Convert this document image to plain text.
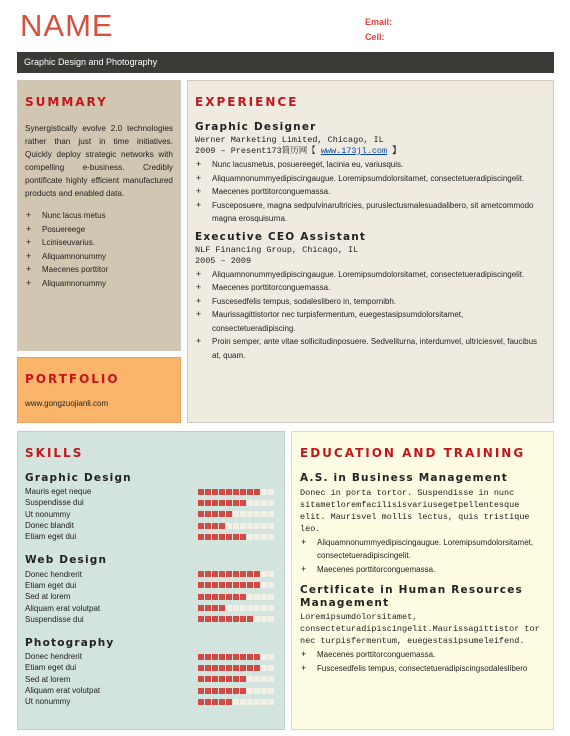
NAME	Email:
Cell:
Graphic Design and Photography
SUMMARY
Synergistically evolve 2.0 technologies rather than just in time initiatives. Quickly deploy strategic networks with compelling e-business. Credibly pontificate highly efficient manufactured products and enabled data.
+ Nunc lacus metus
+ Posuereege
+ Lciniseuvarius.
+ Aliquamnonummy
+ Maecenes porttitor
+ Aliquamnonummy
PORTFOLIO
www.gongzuojianli.com
EXPERIENCE
Graphic Designer
Werner Marketing Limited, Chicago, IL
2009 – Present173简历网【 www.173jl.com 】
+ Nunc lacusmetus, posuereeget, lacinia eu, variusquis.
+ Aliquamnonummyedipiscingaugue. Loremipsumdolorsitamet, consectetueradipiscingelit.
+ Maecenes porttitorconguemassa.
+ Fusceposuere, magna sedpulvinarultricies, puruslectusmalesuadalibero, sit ametcommodo magna erosquisurna.
Executive CEO Assistant
NLF Financing Group, Chicago, IL
2005 – 2009
+ Aliquamnonummyedipiscingaugue. Loremipsumdolorsitamet, consectetueradipiscingelit.
+ Maecenes porttitorconguemassa.
+ Fuscesedfelis tempus, sodaleslibero in, tempornibh.
+ Maurissagittistortor nec turpisfermentum, euegestasipsumdolorsitamet, consectetueradipiscing.
+ Proin semper, ante vitae sollicitudinposuere. Sedveliturna, interdumvel, ultriciesvel, faucibus at, quam.
SKILLS
Graphic Design
Mauris eget neque
Suspendisse dui
Ut nonummy
Donec blandit
Etiam eget dui
Web Design
Donec hendrerit
Etiam eget dui
Sed at lorem
Aliquam erat volutpat
Suspendisse dui
Photography
Donec hendrerit
Etiam eget dui
Sed at lorem
Aliquam erat volutpat
Ut nonummy
EDUCATION AND TRAINING
A.S. in Business Management
Donec in porta tortor. Suspendisse in nunc sitametloremfacilisisvariusegetpellentesque elit. Maurisvel mollis lectus, quis tristique leo.
+ Aliquamnonummyedipiscingaugue. Loremipsumdolorsitamet, consectetueradipiscingelit.
+ Maecenes porttitorconguemassa.
Certificate in Human Resources Management
Loremipsumdolorsitamet, consecteturadipiscingelit.Maurissagittistor tor nec turpisfermentum, euegestasipsumeleifend.
+ Maecenes porttitorconguemassa.
+ Fuscesedfelis tempus, consectetueradipiscingsodaleslibero
